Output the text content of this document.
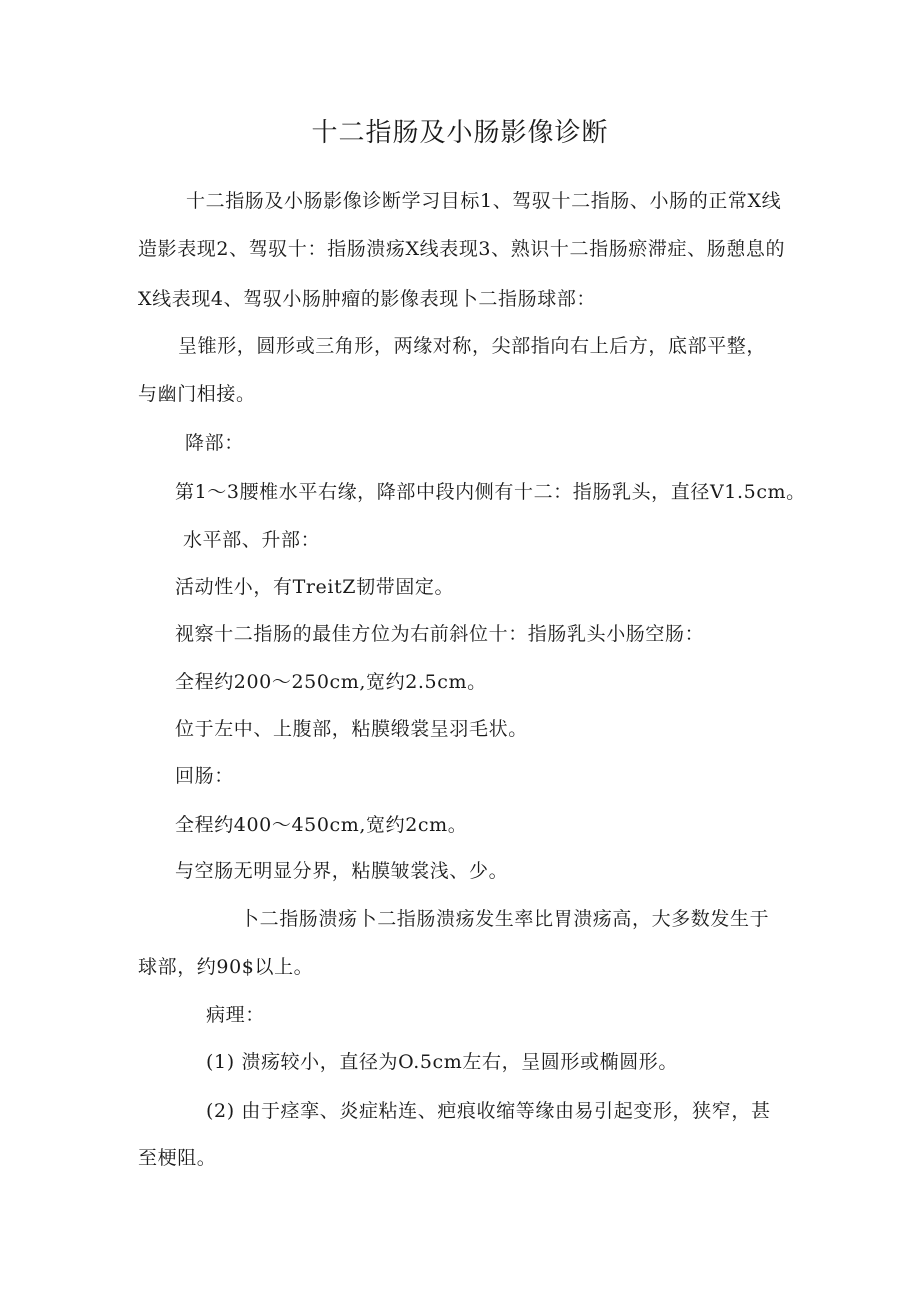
十二指肠及小肠影像诊断
十二指肠及小肠影像诊断学习目标1、驾驭十二指肠、小肠的正常X线
造影表现2、驾驭十：指肠溃疡X线表现3、熟识十二指肠瘀滞症、肠憩息的
X线表现4、驾驭小肠肿瘤的影像表现卜二指肠球部：
呈锥形，圆形或三角形，两缘对称，尖部指向右上后方，底部平整，
与幽门相接。
降部：
第1〜3腰椎水平右缘，降部中段内侧有十二：指肠乳头，直径V1.5cm。
水平部、升部：
活动性小，有TreitZ韧带固定。
视察十二指肠的最佳方位为右前斜位十：指肠乳头小肠空肠：
全程约200〜250cm,宽约2.5cm。
位于左中、上腹部，粘膜缎裳呈羽毛状。
回肠：
全程约400〜450cm,宽约2cm。
与空肠无明显分界，粘膜皱裳浅、少。
卜二指肠溃疡卜二指肠溃疡发生率比胃溃疡高，大多数发生于
球部，约90$以上。
病理：
(1) 溃疡较小，直径为O.5cm左右，呈圆形或椭圆形。
(2) 由于痉挛、炎症粘连、疤痕收缩等缘由易引起变形，狭窄，甚
至梗阻。
